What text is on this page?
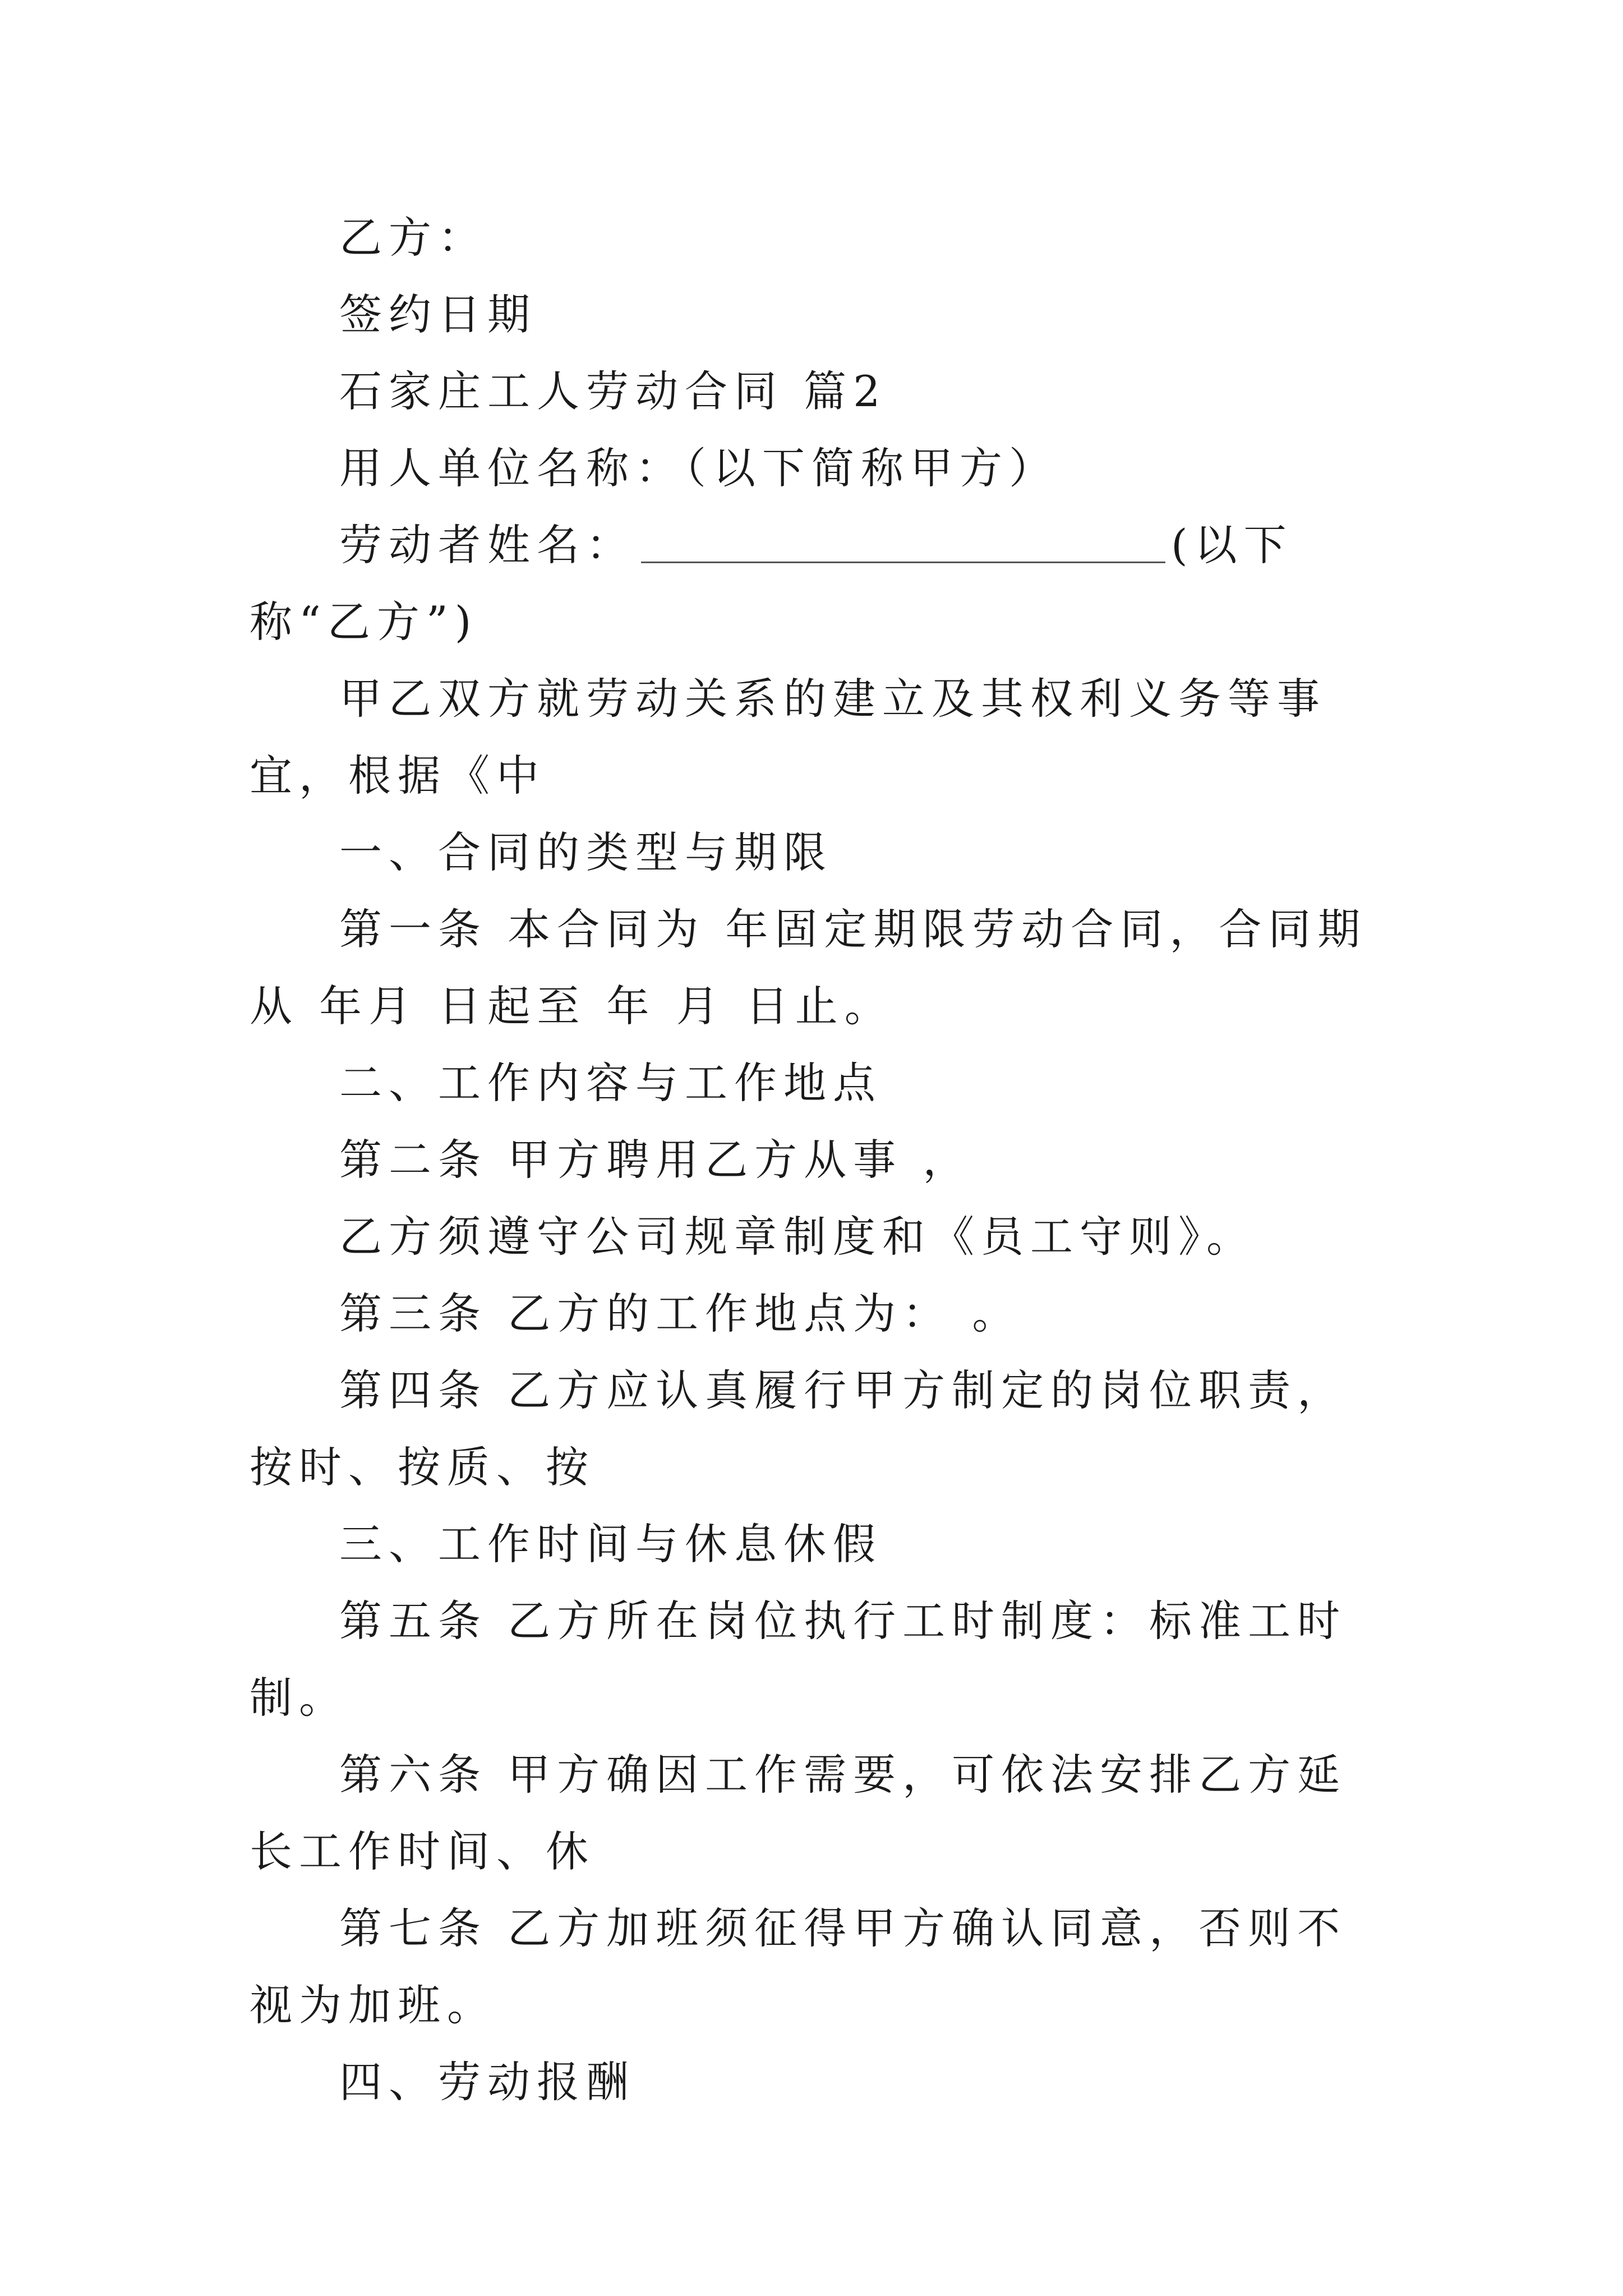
乙方：

签约日期

石家庄工人劳动合同 篇2

用人单位名称：（以下简称甲方）

劳动者姓名：	(以下称“乙方”)

甲乙双方就劳动关系的建立及其权利义务等事宜，根据《中

一、合同的类型与期限

第一条 本合同为 年固定期限劳动合同，合同期从 年月 日起至 年 月 日止。

二、工作内容与工作地点

第二条 甲方聘用乙方从事 ，

乙方须遵守公司规章制度和《员工守则》。

第三条 乙方的工作地点为： 。

第四条 乙方应认真履行甲方制定的岗位职责，按时、按质、按

三、工作时间与休息休假

第五条 乙方所在岗位执行工时制度：标准工时制。

第六条 甲方确因工作需要，可依法安排乙方延长工作时间、休

第七条 乙方加班须征得甲方确认同意，否则不视为加班。

四、劳动报酬
